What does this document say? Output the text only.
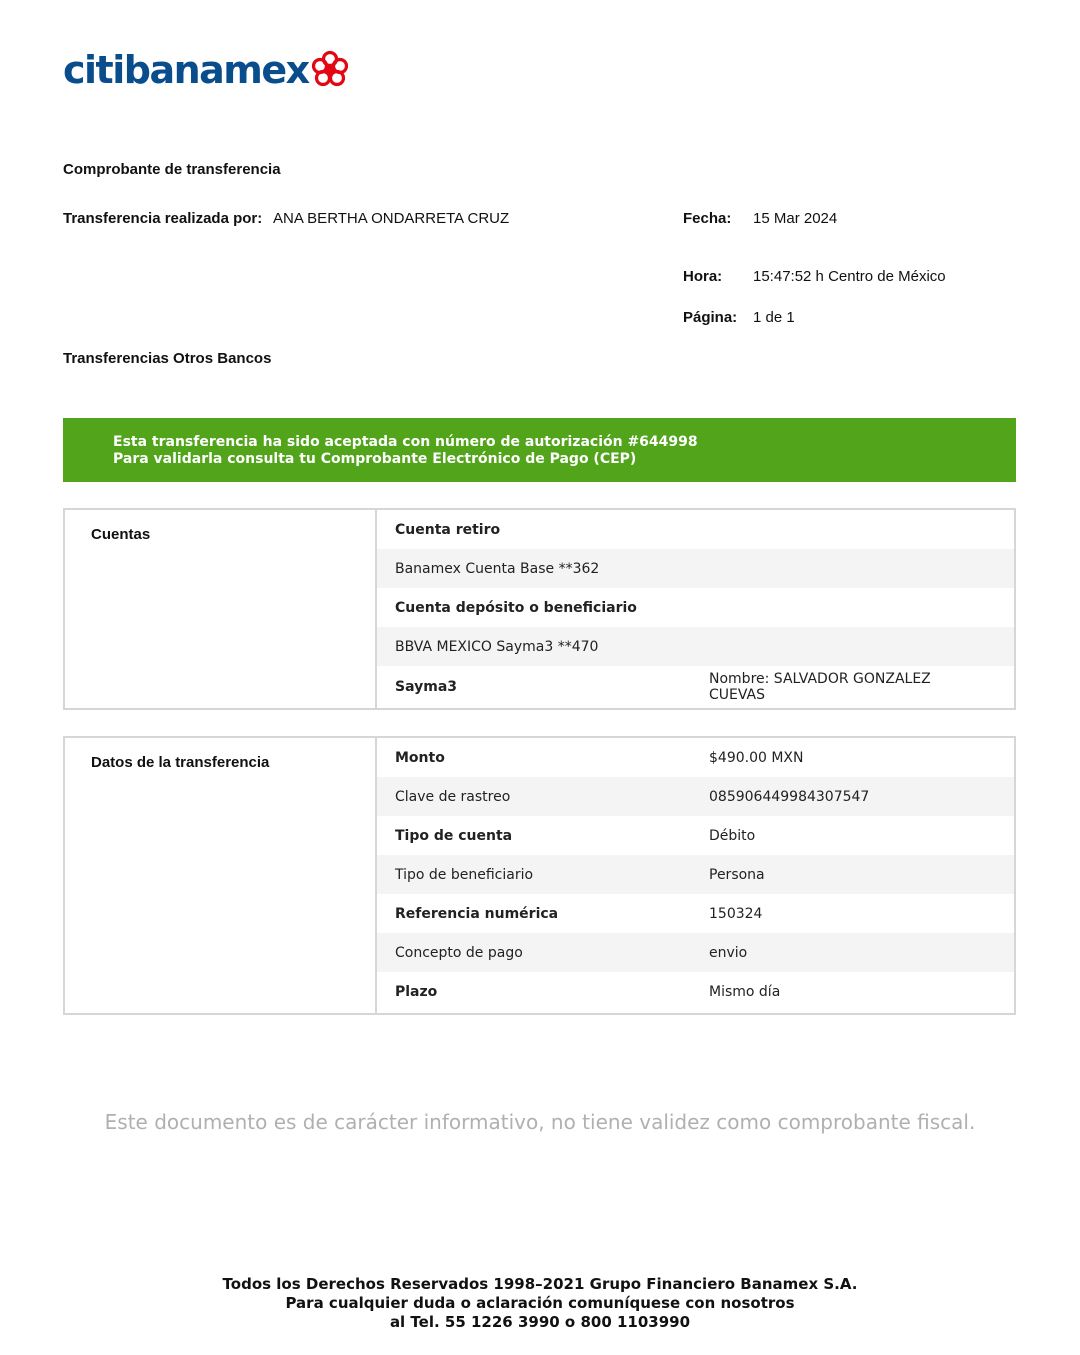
citibanamex
Comprobante de transferencia
Transferencia realizada por: ANA BERTHA ONDARRETA CRUZ	Fecha: 15 Mar 2024
Hora: 15:47:52 h Centro de México
Página: 1 de 1
Transferencias Otros Bancos
Esta transferencia ha sido aceptada con número de autorización #644998
Para validarla consulta tu Comprobante Electrónico de Pago (CEP)
Cuentas	Cuenta retiro
Banamex Cuenta Base **362
Cuenta depósito o beneficiario
BBVA MEXICO Sayma3 **470
Sayma3	Nombre: SALVADOR GONZALEZ CUEVAS
Datos de la transferencia	Monto	$490.00 MXN
Clave de rastreo	085906449984307547
Tipo de cuenta	Débito
Tipo de beneficiario	Persona
Referencia numérica	150324
Concepto de pago	envio
Plazo	Mismo día
Este documento es de carácter informativo, no tiene validez como comprobante fiscal.
Todos los Derechos Reservados 1998–2021 Grupo Financiero Banamex S.A.
Para cualquier duda o aclaración comuníquese con nosotros
al Tel. 55 1226 3990 o 800 1103990
